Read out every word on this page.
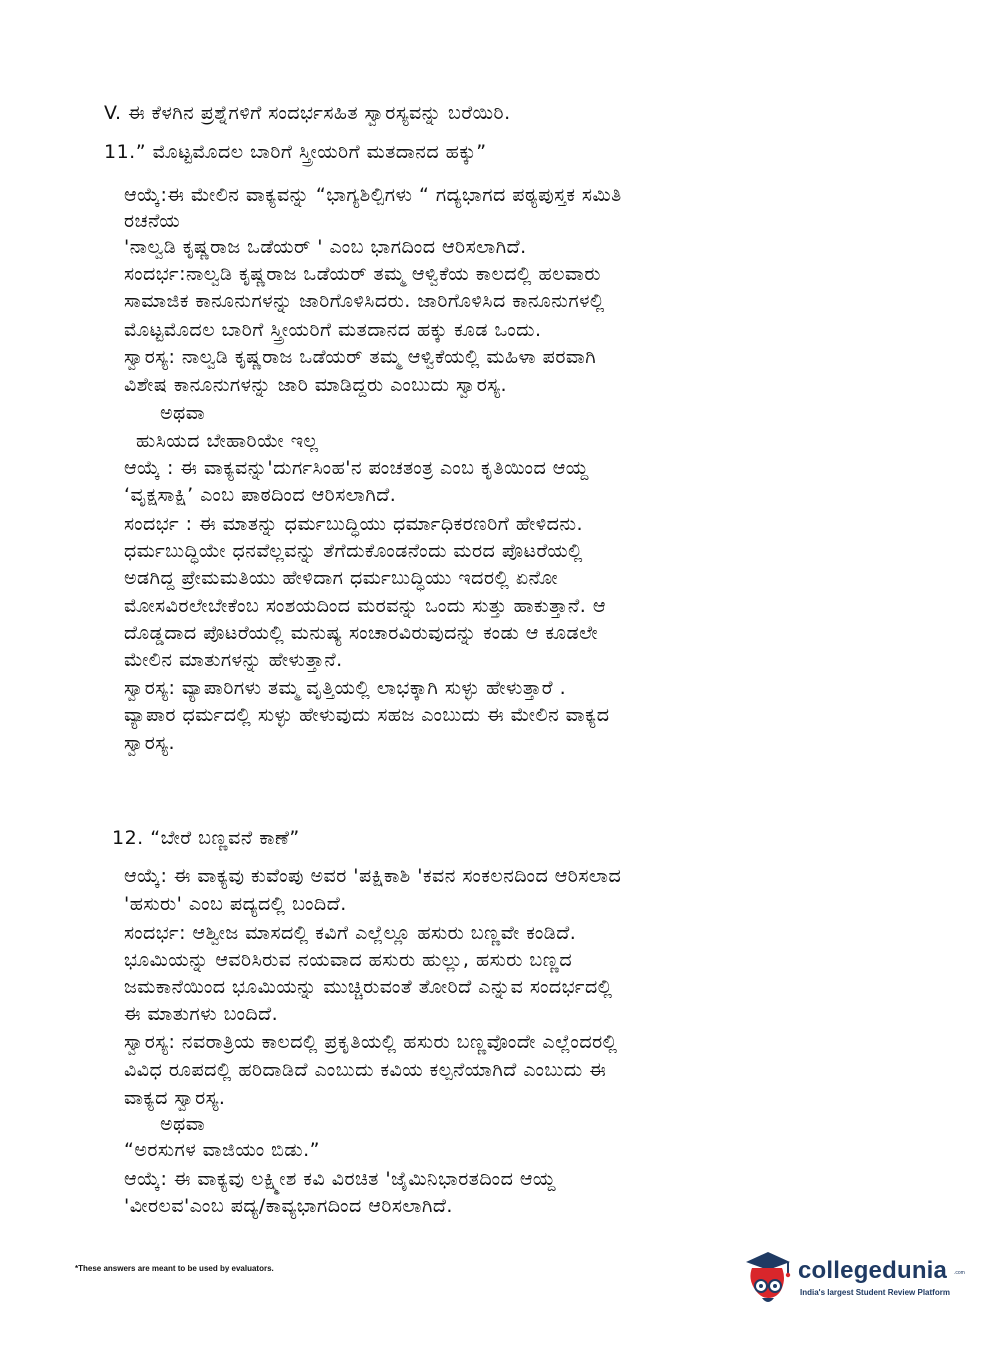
V. ಈ ಕೆಳಗಿನ ಪ್ರಶ್ನೆಗಳಿಗೆ ಸಂದರ್ಭಸಹಿತ ಸ್ವಾರಸ್ಯವನ್ನು ಬರೆಯಿರಿ.
11.” ಮೊಟ್ಟಮೊದಲ ಬಾರಿಗೆ ಸ್ತ್ರೀಯರಿಗೆ ಮತದಾನದ ಹಕ್ಕು”
ಆಯ್ಕೆ:ಈ ಮೇಲಿನ ವಾಕ್ಯವನ್ನು “ಭಾಗ್ಯಶಿಲ್ಪಿಗಳು “ ಗದ್ಯಭಾಗದ ಪಠ್ಯಪುಸ್ತಕ ಸಮಿತಿ
ರಚನೆಯ
'ನಾಲ್ವಡಿ ಕೃಷ್ಣರಾಜ ಒಡೆಯರ್ ' ಎಂಬ ಭಾಗದಿಂದ ಆರಿಸಲಾಗಿದೆ.
ಸಂದರ್ಭ:ನಾಲ್ವಡಿ ಕೃಷ್ಣರಾಜ ಒಡೆಯರ್ ತಮ್ಮ ಆಳ್ವಿಕೆಯ ಕಾಲದಲ್ಲಿ ಹಲವಾರು
ಸಾಮಾಜಿಕ ಕಾನೂನುಗಳನ್ನು ಜಾರಿಗೊಳಿಸಿದರು. ಜಾರಿಗೊಳಿಸಿದ ಕಾನೂನುಗಳಲ್ಲಿ
ಮೊಟ್ಟಮೊದಲ ಬಾರಿಗೆ ಸ್ತ್ರೀಯರಿಗೆ ಮತದಾನದ ಹಕ್ಕು ಕೂಡ ಒಂದು.
ಸ್ವಾರಸ್ಯ: ನಾಲ್ವಡಿ ಕೃಷ್ಣರಾಜ ಒಡೆಯರ್ ತಮ್ಮ ಆಳ್ವಿಕೆಯಲ್ಲಿ ಮಹಿಳಾ ಪರವಾಗಿ
ವಿಶೇಷ ಕಾನೂನುಗಳನ್ನು ಜಾರಿ ಮಾಡಿದ್ದರು ಎಂಬುದು ಸ್ವಾರಸ್ಯ.
ಅಥವಾ
ಹುಸಿಯದ ಬೇಹಾರಿಯೇ ಇಲ್ಲ
ಆಯ್ಕೆ : ಈ ವಾಕ್ಯವನ್ನು'ದುರ್ಗಸಿಂಹ'ನ ಪಂಚತಂತ್ರ ಎಂಬ ಕೃತಿಯಿಂದ ಆಯ್ದ
‘ವೃಕ್ಷಸಾಕ್ಷಿ’ ಎಂಬ ಪಾಠದಿಂದ ಆರಿಸಲಾಗಿದೆ.
ಸಂದರ್ಭ : ಈ ಮಾತನ್ನು ಧರ್ಮಬುದ್ಧಿಯು ಧರ್ಮಾಧಿಕರಣರಿಗೆ ಹೇಳಿದನು.
ಧರ್ಮಬುದ್ಧಿಯೇ ಧನವೆಲ್ಲವನ್ನು ತೆಗೆದುಕೊಂಡನೆಂದು ಮರದ ಪೊಟರೆಯಲ್ಲಿ
ಅಡಗಿದ್ದ ಪ್ರೇಮಮತಿಯು ಹೇಳಿದಾಗ ಧರ್ಮಬುದ್ಧಿಯು ಇದರಲ್ಲಿ ಏನೋ
ಮೋಸವಿರಲೇಬೇಕೆಂಬ ಸಂಶಯದಿಂದ ಮರವನ್ನು ಒಂದು ಸುತ್ತು ಹಾಕುತ್ತಾನೆ. ಆ
ದೊಡ್ಡದಾದ ಪೊಟರೆಯಲ್ಲಿ ಮನುಷ್ಯ ಸಂಚಾರವಿರುವುದನ್ನು ಕಂಡು ಆ ಕೂಡಲೇ
ಮೇಲಿನ ಮಾತುಗಳನ್ನು ಹೇಳುತ್ತಾನೆ.
ಸ್ವಾರಸ್ಯ: ವ್ಯಾಪಾರಿಗಳು ತಮ್ಮ ವೃತ್ತಿಯಲ್ಲಿ ಲಾಭಕ್ಕಾಗಿ ಸುಳ್ಳು ಹೇಳುತ್ತಾರೆ .
ವ್ಯಾಪಾರ ಧರ್ಮದಲ್ಲಿ ಸುಳ್ಳು ಹೇಳುವುದು ಸಹಜ ಎಂಬುದು ಈ ಮೇಲಿನ ವಾಕ್ಯದ
ಸ್ವಾರಸ್ಯ.
12. “ಬೇರೆ ಬಣ್ಣವನೆ ಕಾಣೆ”
ಆಯ್ಕೆ: ಈ ವಾಕ್ಯವು ಕುವೆಂಪು ಅವರ 'ಪಕ್ಷಿಕಾಶಿ 'ಕವನ ಸಂಕಲನದಿಂದ ಆರಿಸಲಾದ
'ಹಸುರು' ಎಂಬ ಪದ್ಯದಲ್ಲಿ ಬಂದಿದೆ.
ಸಂದರ್ಭ: ಆಶ್ವೀಜ ಮಾಸದಲ್ಲಿ ಕವಿಗೆ ಎಲ್ಲೆಲ್ಲೂ ಹಸುರು ಬಣ್ಣವೇ ಕಂಡಿದೆ.
ಭೂಮಿಯನ್ನು ಆವರಿಸಿರುವ ನಯವಾದ ಹಸುರು ಹುಲ್ಲು, ಹಸುರು ಬಣ್ಣದ
ಜಮಕಾನೆಯಿಂದ ಭೂಮಿಯನ್ನು ಮುಚ್ಚಿರುವಂತೆ ತೋರಿದೆ ಎನ್ನುವ ಸಂದರ್ಭದಲ್ಲಿ
ಈ ಮಾತುಗಳು ಬಂದಿದೆ.
ಸ್ವಾರಸ್ಯ: ನವರಾತ್ರಿಯ ಕಾಲದಲ್ಲಿ ಪ್ರಕೃತಿಯಲ್ಲಿ ಹಸುರು ಬಣ್ಣವೊಂದೇ ಎಲ್ಲೆಂದರಲ್ಲಿ
ವಿವಿಧ ರೂಪದಲ್ಲಿ ಹರಿದಾಡಿದೆ ಎಂಬುದು ಕವಿಯ ಕಲ್ಪನೆಯಾಗಿದೆ ಎಂಬುದು ಈ
ವಾಕ್ಯದ ಸ್ವಾರಸ್ಯ.
ಅಥವಾ
“ಅರಸುಗಳ ವಾಜಿಯಂ ಬಿಡು.”
ಆಯ್ಕೆ: ಈ ವಾಕ್ಯವು ಲಕ್ಷ್ಮೀಶ ಕವಿ ವಿರಚಿತ 'ಜೈಮಿನಿಭಾರತದಿಂದ ಆಯ್ದ
'ವೀರಲವ'ಎಂಬ ಪದ್ಯ/ಕಾವ್ಯಭಾಗದಿಂದ ಆರಿಸಲಾಗಿದೆ.
*These answers are meant to be used by evaluators.	collegedunia .com
India's largest Student Review Platform
